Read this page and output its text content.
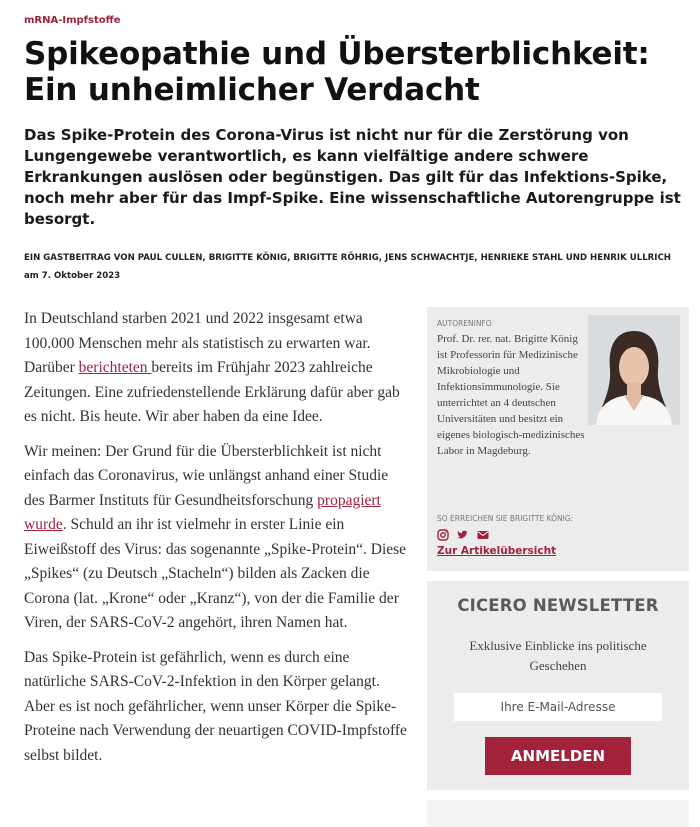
mRNA-Impfstoffe
Spikeopathie und Übersterblichkeit: Ein unheimlicher Verdacht
Das Spike-Protein des Corona-Virus ist nicht nur für die Zerstörung von Lungengewebe verantwortlich, es kann vielfältige andere schwere Erkrankungen auslösen oder begünstigen. Das gilt für das Infektions-Spike, noch mehr aber für das Impf-Spike. Eine wissenschaftliche Autorengruppe ist besorgt.
EIN GASTBEITRAG VON PAUL CULLEN, BRIGITTE KÖNIG, BRIGITTE RÖHRIG, JENS SCHWACHTJE, HENRIEKE STAHL UND HENRIK ULLRICH am 7. Oktober 2023

In Deutschland starben 2021 und 2022 insgesamt etwa 100.000 Menschen mehr als statistisch zu erwarten war. Darüber berichteten bereits im Frühjahr 2023 zahlreiche Zeitungen. Eine zufriedenstellende Erklärung dafür aber gab es nicht. Bis heute. Wir aber haben da eine Idee.

Wir meinen: Der Grund für die Übersterblichkeit ist nicht einfach das Coronavirus, wie unlängst anhand einer Studie des Barmer Instituts für Gesundheitsforschung propagiert wurde. Schuld an ihr ist vielmehr in erster Linie ein Eiweißstoff des Virus: das sogenannte „Spike-Protein“. Diese „Spikes“ (zu Deutsch „Stacheln“) bilden als Zacken die Corona (lat. „Krone“ oder „Kranz“), von der die Familie der Viren, der SARS-CoV-2 angehört, ihren Namen hat.

Das Spike-Protein ist gefährlich, wenn es durch eine natürliche SARS-CoV-2-Infektion in den Körper gelangt. Aber es ist noch gefährlicher, wenn unser Körper die Spike-Proteine nach Verwendung der neuartigen COVID-Impfstoffe selbst bildet.

AUTORENINFO
Prof. Dr. rer. nat. Brigitte König ist Professorin für Medizinische Mikrobiologie und Infektionsimmunologie. Sie unterrichtet an 4 deutschen Universitäten und besitzt ein eigenes biologisch-medizinisches Labor in Magdeburg.
SO ERREICHEN SIE BRIGITTE KÖNIG:
Zur Artikelübersicht
CICERO NEWSLETTER
Exklusive Einblicke ins politische Geschehen
Ihre E-Mail-Adresse
ANMELDEN
